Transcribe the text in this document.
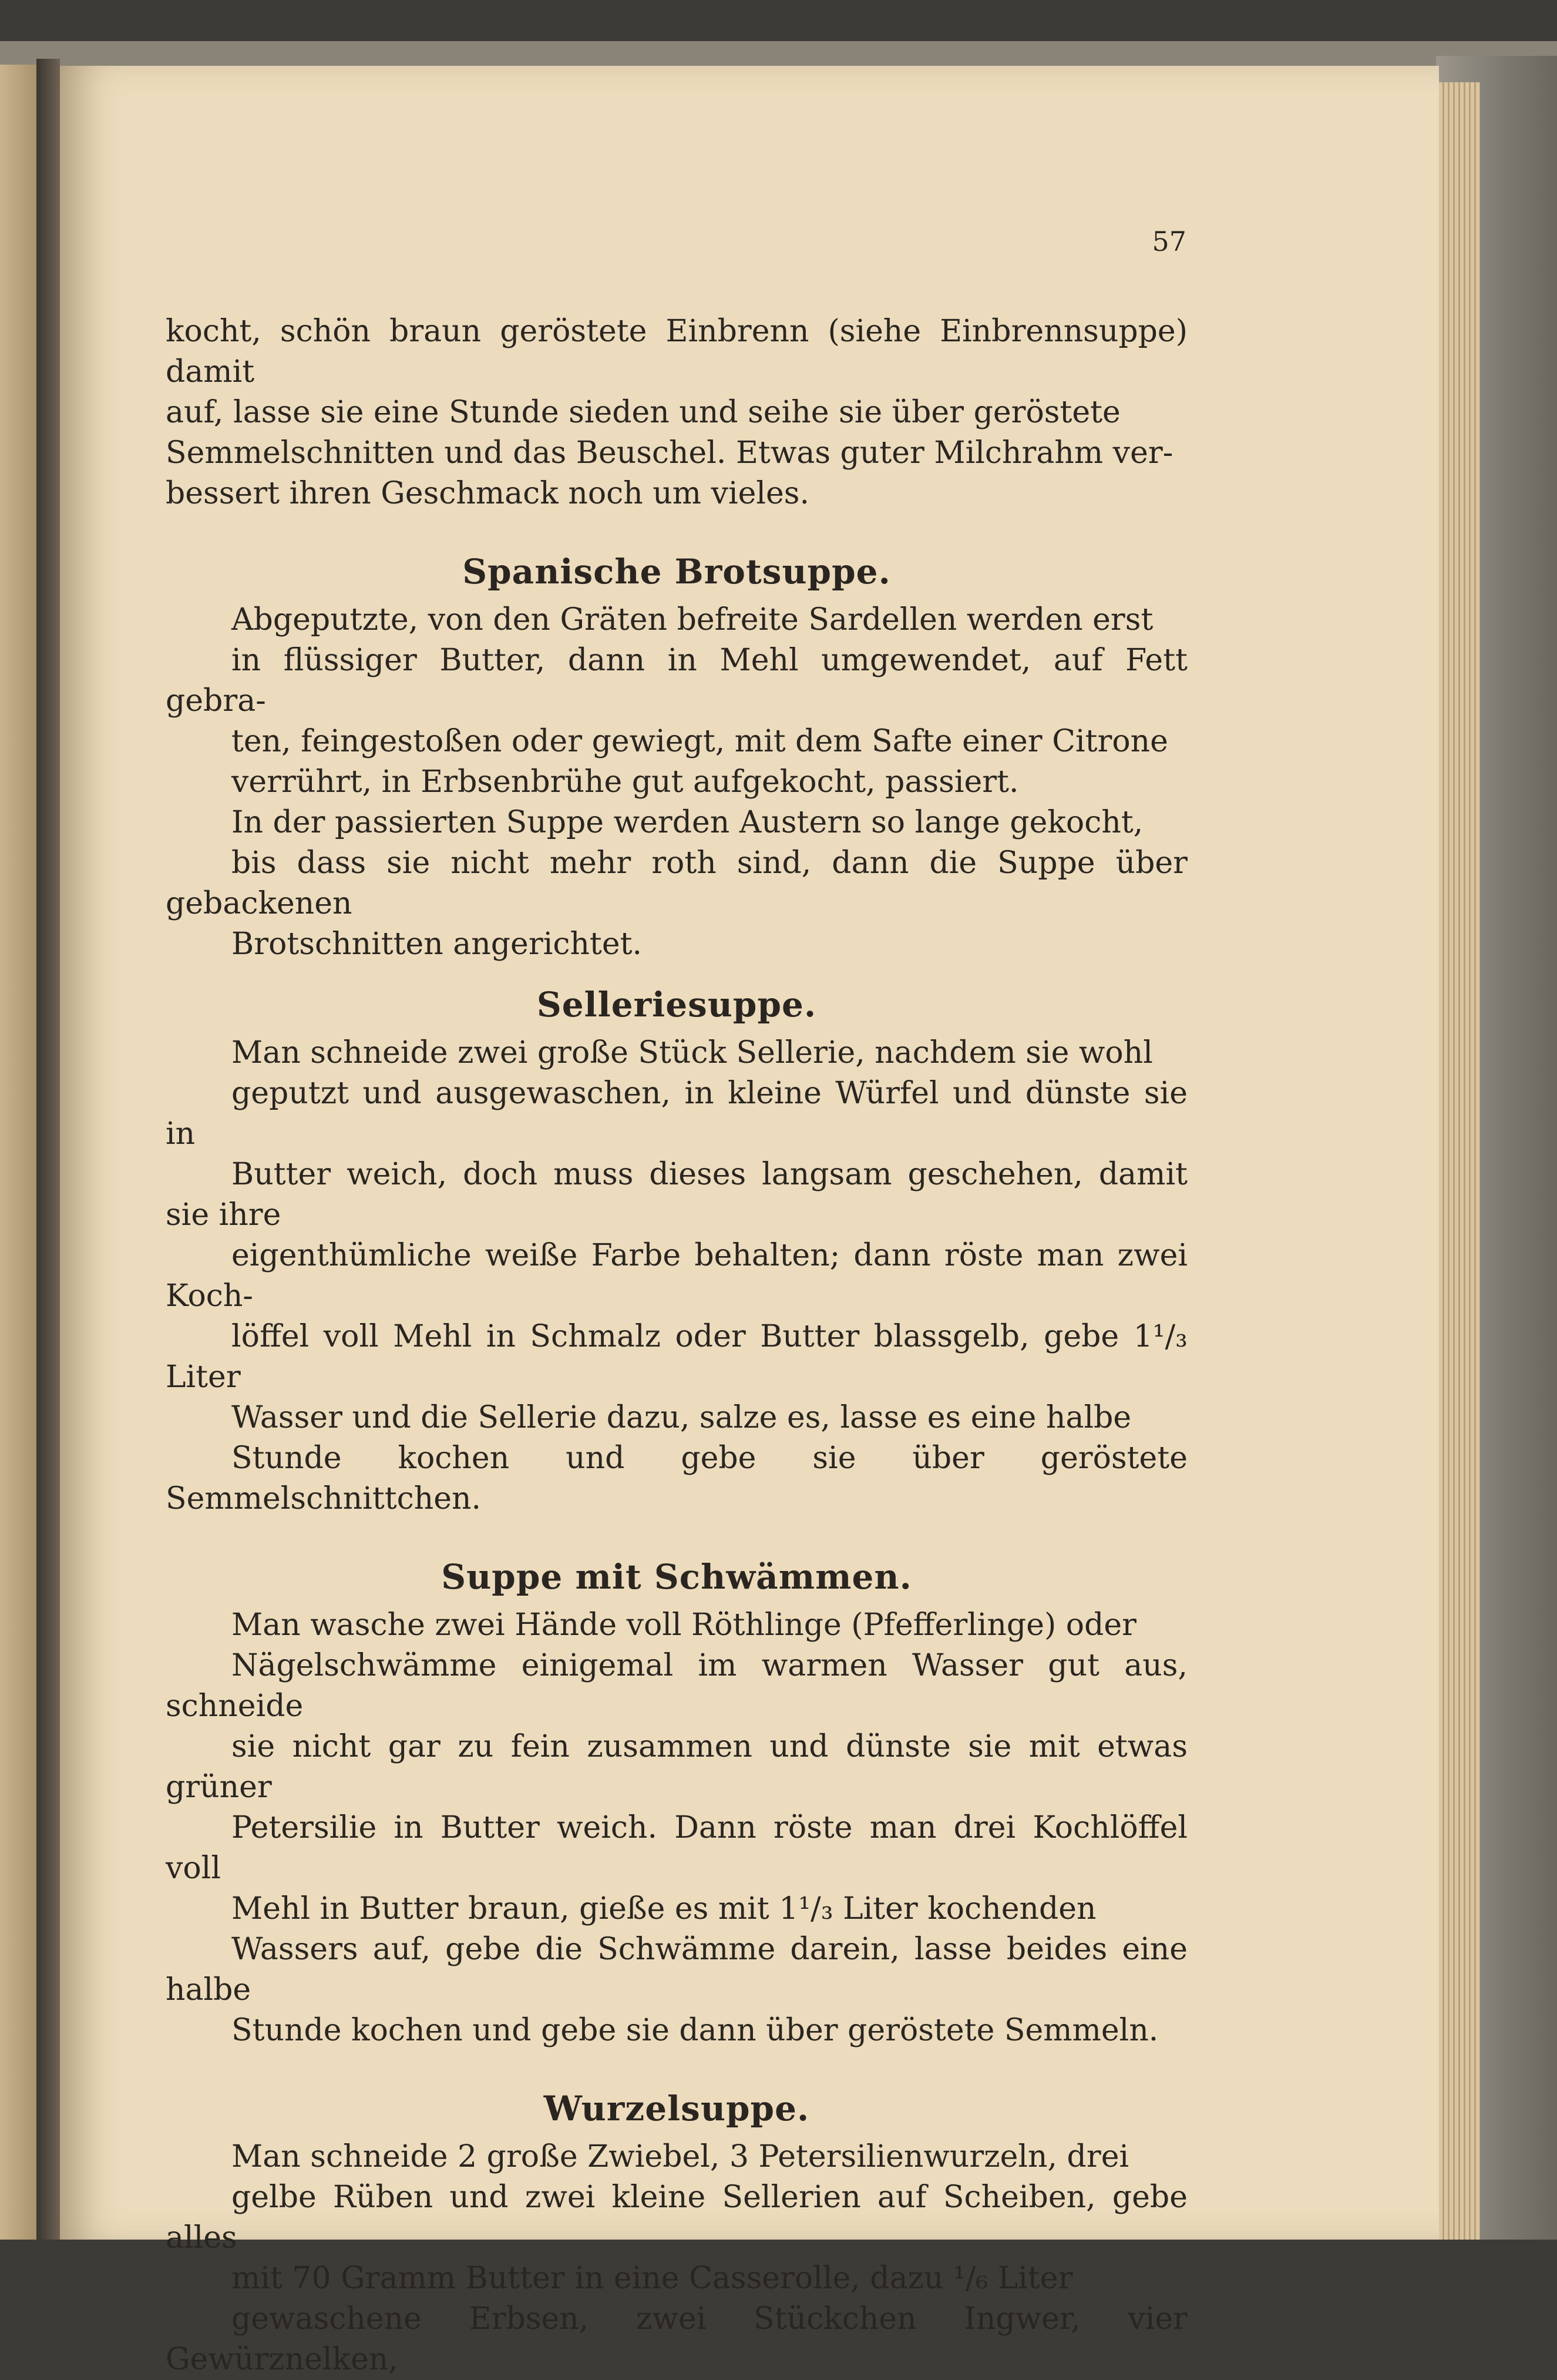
57

kocht, schön braun geröstete Einbrenn (siehe Einbrennsuppe) damit
auf, lasse sie eine Stunde sieden und seihe sie über geröstete
Semmelschnitten und das Beuschel. Etwas guter Milchrahm ver-
bessert ihren Geschmack noch um vieles.

Spanische Brotsuppe.

Abgeputzte, von den Gräten befreite Sardellen werden erst
in flüssiger Butter, dann in Mehl umgewendet, auf Fett gebra-
ten, feingestoßen oder gewiegt, mit dem Safte einer Citrone
verrührt, in Erbsenbrühe gut aufgekocht, passiert.

In der passierten Suppe werden Austern so lange gekocht,
bis dass sie nicht mehr roth sind, dann die Suppe über gebackenen
Brotschnitten angerichtet.

Selleriesuppe.

Man schneide zwei große Stück Sellerie, nachdem sie wohl
geputzt und ausgewaschen, in kleine Würfel und dünste sie in
Butter weich, doch muss dieses langsam geschehen, damit sie ihre
eigenthümliche weiße Farbe behalten; dann röste man zwei Koch-
löffel voll Mehl in Schmalz oder Butter blassgelb, gebe 1¹/₃ Liter
Wasser und die Sellerie dazu, salze es, lasse es eine halbe
Stunde kochen und gebe sie über geröstete Semmelschnittchen.

Suppe mit Schwämmen.

Man wasche zwei Hände voll Röthlinge (Pfefferlinge) oder
Nägelschwämme einigemal im warmen Wasser gut aus, schneide
sie nicht gar zu fein zusammen und dünste sie mit etwas grüner
Petersilie in Butter weich. Dann röste man drei Kochlöffel voll
Mehl in Butter braun, gieße es mit 1¹/₃ Liter kochenden
Wassers auf, gebe die Schwämme darein, lasse beides eine halbe
Stunde kochen und gebe sie dann über geröstete Semmeln.

Wurzelsuppe.

Man schneide 2 große Zwiebel, 3 Petersilienwurzeln, drei
gelbe Rüben und zwei kleine Sellerien auf Scheiben, gebe alles
mit 70 Gramm Butter in eine Casserolle, dazu ¹/₆ Liter
gewaschene Erbsen, zwei Stückchen Ingwer, vier Gewürznelken,
